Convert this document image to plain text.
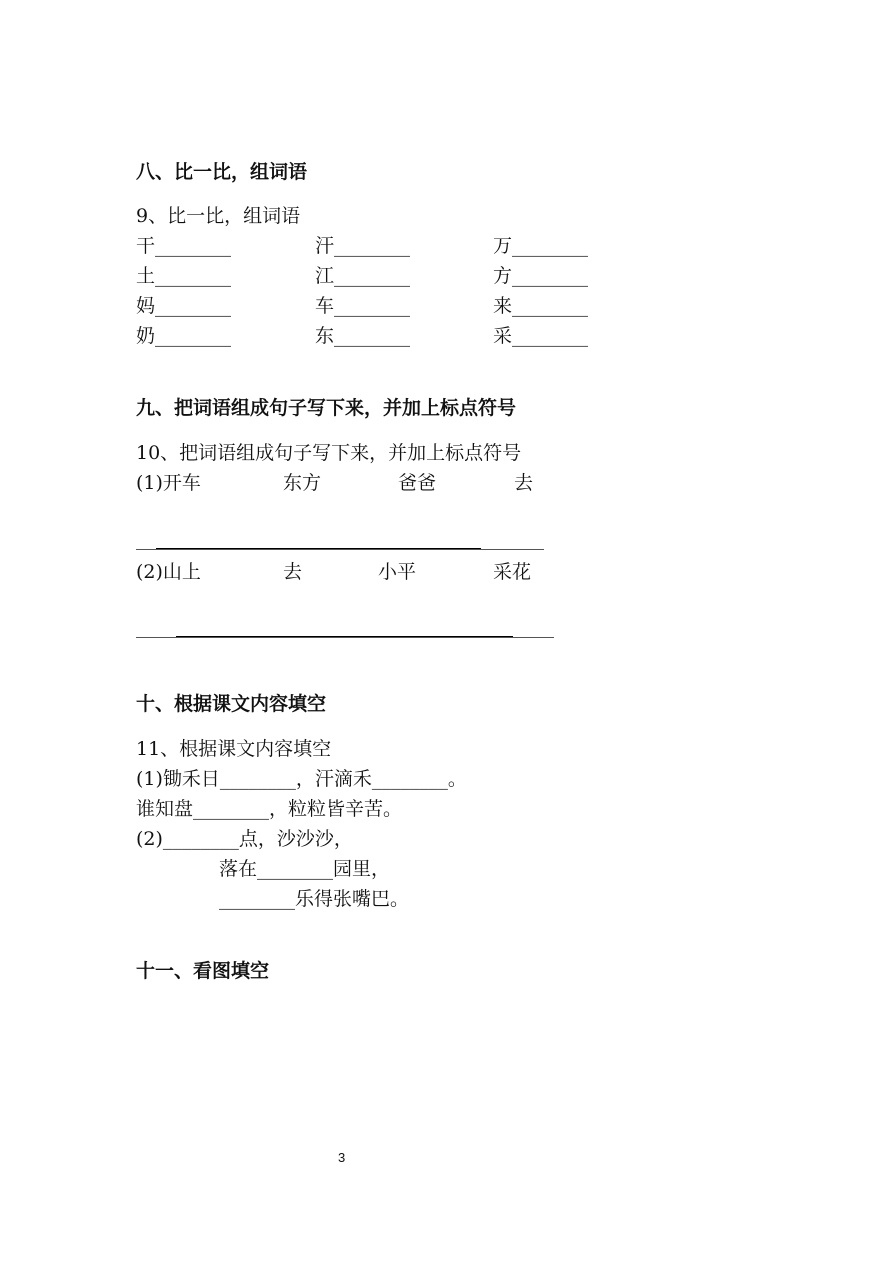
八、比一比，组词语
9、比一比，组词语
干________	汗________	万________
土________	江________	方________
妈________	车________	来________
奶________	东________	采________
九、把词语组成句子写下来，并加上标点符号
10、把词语组成句子写下来，并加上标点符号
(1)开车	东方	爸爸	去
(2)山上	去	小平	采花
十、根据课文内容填空
11、根据课文内容填空
(1)锄禾日________，汗滴禾________。
谁知盘________，粒粒皆辛苦。
(2)________点，沙沙沙，
落在________园里，
________乐得张嘴巴。
十一、看图填空
3
